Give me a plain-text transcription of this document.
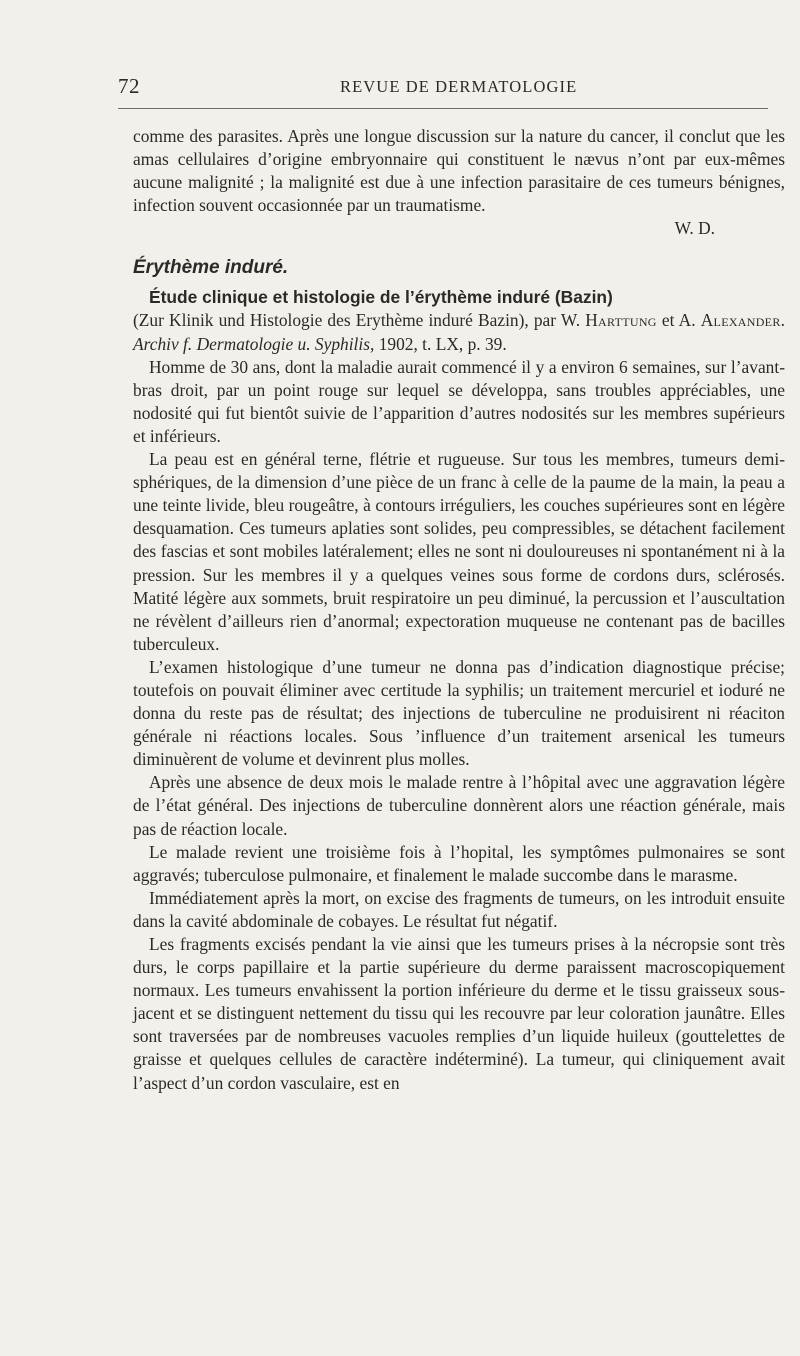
72	REVUE DE DERMATOLOGIE

comme des parasites. Après une longue discussion sur la nature du cancer, il conclut que les amas cellulaires d’origine embryonnaire qui constituent le nævus n’ont par eux-mêmes aucune malignité ; la malignité est due à une infection parasitaire de ces tumeurs bénignes, infection souvent occasionnée par un traumatisme.

W. D.
Érythème induré.
Étude clinique et histologie de l’érythème induré (Bazin)

(Zur Klinik und Histologie des Erythème induré Bazin), par W. Harttung et A. Alexander. Archiv f. Dermatologie u. Syphilis, 1902, t. LX, p. 39.

Homme de 30 ans, dont la maladie aurait commencé il y a environ 6 semaines, sur l’avant-bras droit, par un point rouge sur lequel se développa, sans troubles appréciables, une nodosité qui fut bientôt suivie de l’apparition d’autres nodosités sur les membres supérieurs et inférieurs.

La peau est en général terne, flétrie et rugueuse. Sur tous les membres, tumeurs demi-sphériques, de la dimension d’une pièce de un franc à celle de la paume de la main, la peau a une teinte livide, bleu rougeâtre, à contours irréguliers, les couches supérieures sont en légère desquamation. Ces tumeurs aplaties sont solides, peu compressibles, se détachent facilement des fascias et sont mobiles latéralement; elles ne sont ni douloureuses ni spontanément ni à la pression. Sur les membres il y a quelques veines sous forme de cordons durs, sclérosés. Matité légère aux sommets, bruit respiratoire un peu diminué, la percussion et l’auscultation ne révèlent d’ailleurs rien d’anormal; expectoration muqueuse ne contenant pas de bacilles tuberculeux.

L’examen histologique d’une tumeur ne donna pas d’indication diagnostique précise; toutefois on pouvait éliminer avec certitude la syphilis; un traitement mercuriel et ioduré ne donna du reste pas de résultat; des injections de tuberculine ne produisirent ni réaciton générale ni réactions locales. Sous ’influence d’un traitement arsenical les tumeurs diminuèrent de volume et devinrent plus molles.

Après une absence de deux mois le malade rentre à l’hôpital avec une aggravation légère de l’état général. Des injections de tuberculine donnèrent alors une réaction générale, mais pas de réaction locale.

Le malade revient une troisième fois à l’hopital, les symptômes pulmonaires se sont aggravés; tuberculose pulmonaire, et finalement le malade succombe dans le marasme.

Immédiatement après la mort, on excise des fragments de tumeurs, on les introduit ensuite dans la cavité abdominale de cobayes. Le résultat fut négatif.

Les fragments excisés pendant la vie ainsi que les tumeurs prises à la nécropsie sont très durs, le corps papillaire et la partie supérieure du derme paraissent macroscopiquement normaux. Les tumeurs envahissent la portion inférieure du derme et le tissu graisseux sous-jacent et se distinguent nettement du tissu qui les recouvre par leur coloration jaunâtre. Elles sont traversées par de nombreuses vacuoles remplies d’un liquide huileux (gouttelettes de graisse et quelques cellules de caractère indéterminé). La tumeur, qui cliniquement avait l’aspect d’un cordon vasculaire, est en
